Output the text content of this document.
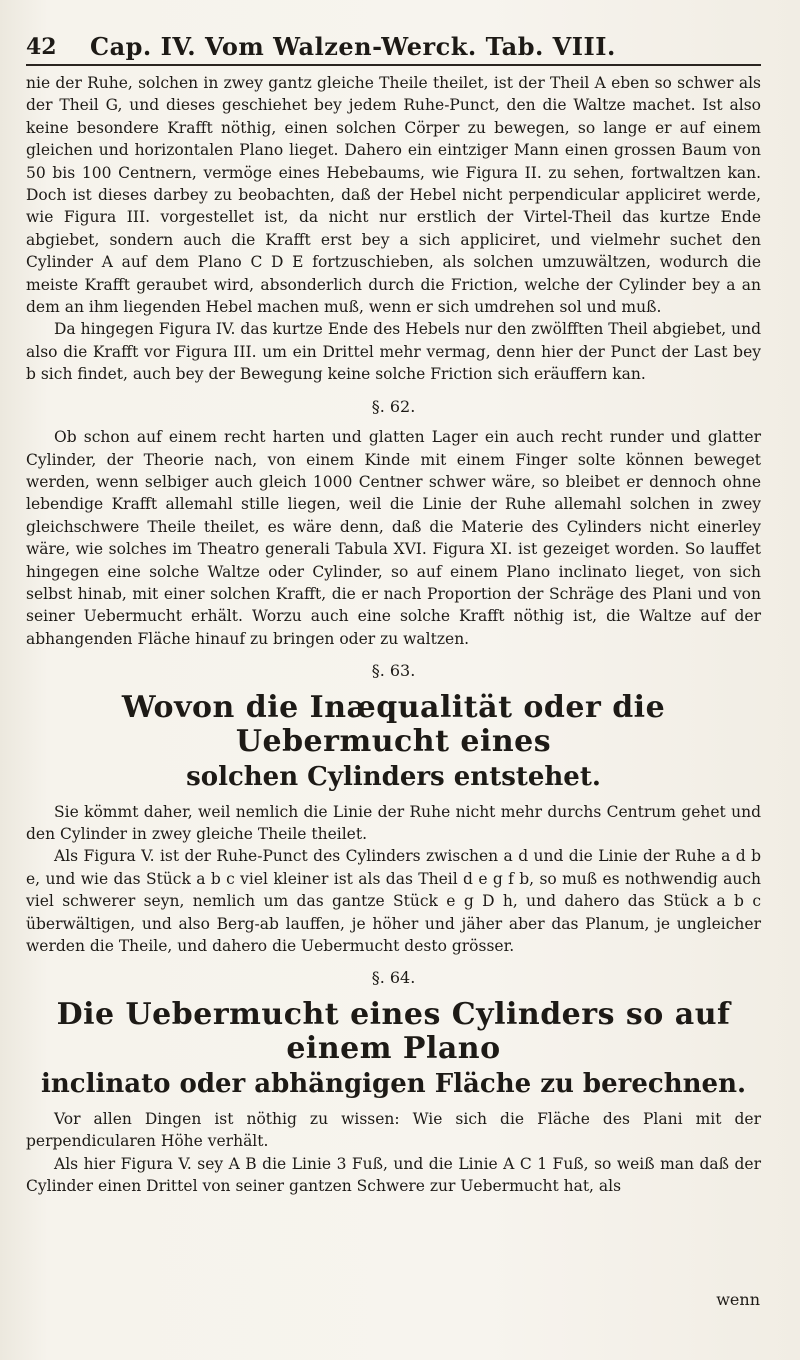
42 Cap. IV. Vom Walzen-Werck. Tab. VIII.

nie der Ruhe, solchen in zwey gantz gleiche Theile theilet, ist der Theil A eben so schwer als der Theil G, und dieses geschiehet bey jedem Ruhe-Punct, den die Waltze machet. Ist also keine besondere Krafft nöthig, einen solchen Cörper zu bewegen, so lange er auf einem gleichen und horizontalen Plano lieget. Dahero ein eintziger Mann einen grossen Baum von 50 bis 100 Centnern, vermöge eines Hebebaums, wie Figura II. zu sehen, fortwaltzen kan. Doch ist dieses darbey zu beobachten, daß der Hebel nicht perpendicular appliciret werde, wie Figura III. vorgestellet ist, da nicht nur erstlich der Virtel-Theil das kurtze Ende abgiebet, sondern auch die Krafft erst bey a sich appliciret, und vielmehr suchet den Cylinder A auf dem Plano C D E fortzuschieben, als solchen umzuwältzen, wodurch die meiste Krafft geraubet wird, absonderlich durch die Friction, welche der Cylinder bey a an dem an ihm liegenden Hebel machen muß, wenn er sich umdrehen sol und muß.

Da hingegen Figura IV. das kurtze Ende des Hebels nur den zwölfften Theil abgiebet, und also die Krafft vor Figura III. um ein Drittel mehr vermag, denn hier der Punct der Last bey b sich findet, auch bey der Bewegung keine solche Friction sich eräuffern kan.

§. 62.

Ob schon auf einem recht harten und glatten Lager ein auch recht runder und glatter Cylinder, der Theorie nach, von einem Kinde mit einem Finger solte können beweget werden, wenn selbiger auch gleich 1000 Centner schwer wäre, so bleibet er dennoch ohne lebendige Krafft allemahl stille liegen, weil die Linie der Ruhe allemahl solchen in zwey gleichschwere Theile theilet, es wäre denn, daß die Materie des Cylinders nicht einerley wäre, wie solches im Theatro generali Tabula XVI. Figura XI. ist gezeiget worden. So lauffet hingegen eine solche Waltze oder Cylinder, so auf einem Plano inclinato lieget, von sich selbst hinab, mit einer solchen Krafft, die er nach Proportion der Schräge des Plani und von seiner Uebermucht erhält. Worzu auch eine solche Krafft nöthig ist, die Waltze auf der abhangenden Fläche hinauf zu bringen oder zu waltzen.

§. 63.
Wovon die Inæqualität oder die Uebermucht eines
solchen Cylinders entstehet.

Sie kömmt daher, weil nemlich die Linie der Ruhe nicht mehr durchs Centrum gehet und den Cylinder in zwey gleiche Theile theilet.

Als Figura V. ist der Ruhe-Punct des Cylinders zwischen a d und die Linie der Ruhe a d b e, und wie das Stück a b c viel kleiner ist als das Theil d e g f b, so muß es nothwendig auch viel schwerer seyn, nemlich um das gantze Stück e g D h, und dahero das Stück a b c überwältigen, und also Berg-ab lauffen, je höher und jäher aber das Planum, je ungleicher werden die Theile, und dahero die Uebermucht desto grösser.

§. 64.
Die Uebermucht eines Cylinders so auf einem Plano
inclinato oder abhängigen Fläche zu berechnen.

Vor allen Dingen ist nöthig zu wissen: Wie sich die Fläche des Plani mit der perpendicularen Höhe verhält.

Als hier Figura V. sey A B die Linie 3 Fuß, und die Linie A C 1 Fuß, so weiß man daß der Cylinder einen Drittel von seiner gantzen Schwere zur Uebermucht hat, als

wenn
